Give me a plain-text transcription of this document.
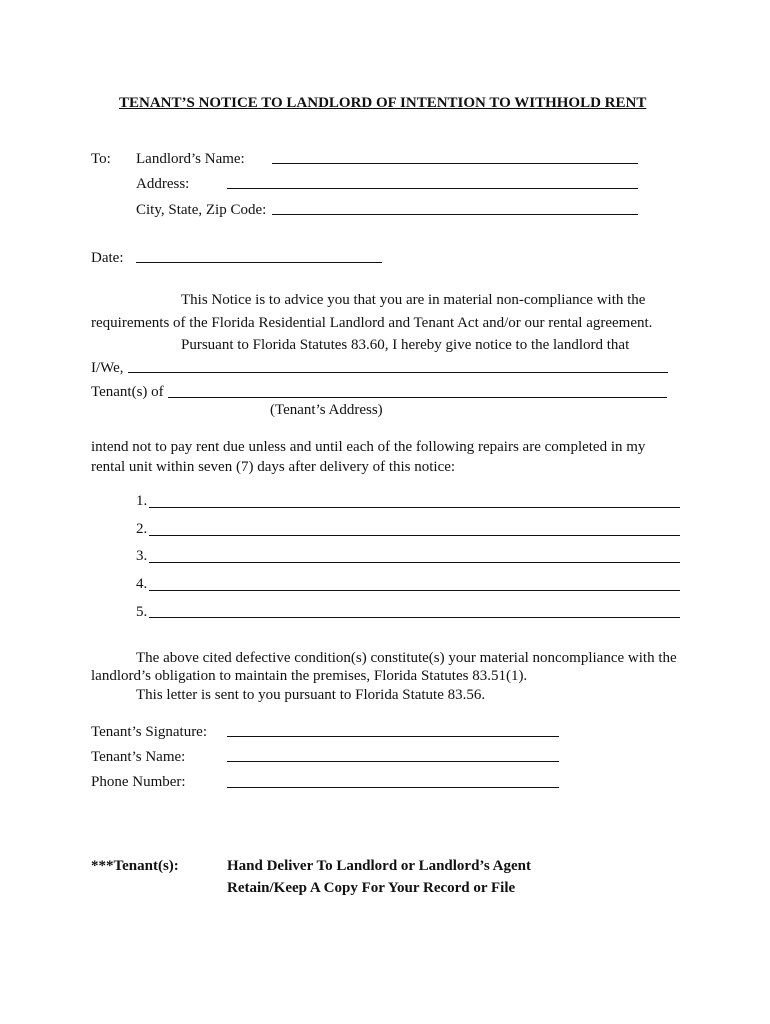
TENANT’S NOTICE TO LANDLORD OF INTENTION TO WITHHOLD RENT
To: Landlord’s Name:
Address:
City, State, Zip Code:
Date:
This Notice is to advice you that you are in material non-compliance with the
requirements of the Florida Residential Landlord and Tenant Act and/or our rental agreement.
Pursuant to Florida Statutes 83.60, I hereby give notice to the landlord that
I/We,
Tenant(s) of
(Tenant’s Address)
intend not to pay rent due unless and until each of the following repairs are completed in my
rental unit within seven (7) days after delivery of this notice:
1.
2.
3.
4.
5.
The above cited defective condition(s) constitute(s) your material noncompliance with the
landlord’s obligation to maintain the premises, Florida Statutes 83.51(1).
This letter is sent to you pursuant to Florida Statute 83.56.
Tenant’s Signature:
Tenant’s Name:
Phone Number:
***Tenant(s):	Hand Deliver To Landlord or Landlord’s Agent
Retain/Keep A Copy For Your Record or File
